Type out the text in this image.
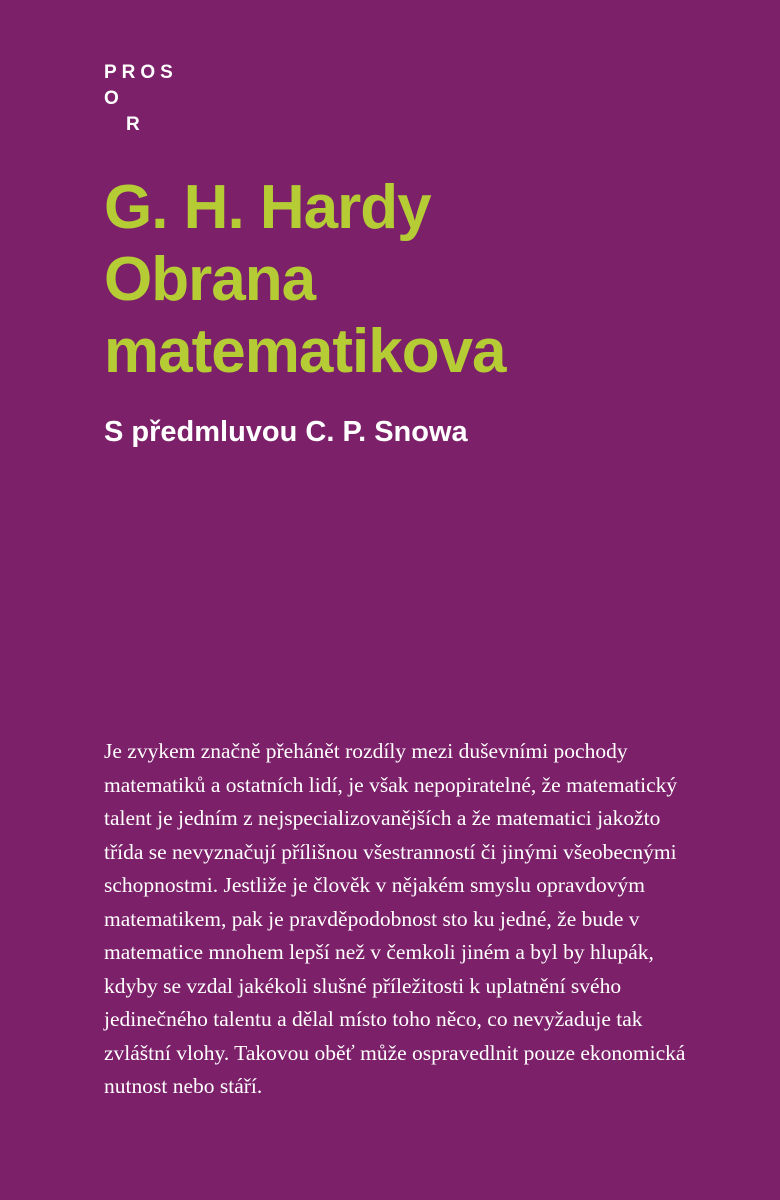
PROS
O
R
G. H. Hardy
Obrana
matematikova

S předmluvou C. P. Snowa

Je zvykem značně přehánět rozdíly mezi duševními pochody matematiků a ostatních lidí, je však nepopiratelné, že matematický talent je jedním z nejspecializovanějších a že matematici jakožto třída se nevyznačují přílišnou všestranností či jinými všeobecnými schopnostmi. Jestliže je člověk v nějakém smyslu opravdovým matematikem, pak je pravděpodobnost sto ku jedné, že bude v matematice mnohem lepší než v čemkoli jiném a byl by hlupák, kdyby se vzdal jakékoli slušné příležitosti k uplatnění svého jedinečného talentu a dělal místo toho něco, co nevyžaduje tak zvláštní vlohy. Takovou oběť může ospravedlnit pouze ekonomická nutnost nebo stáří.
